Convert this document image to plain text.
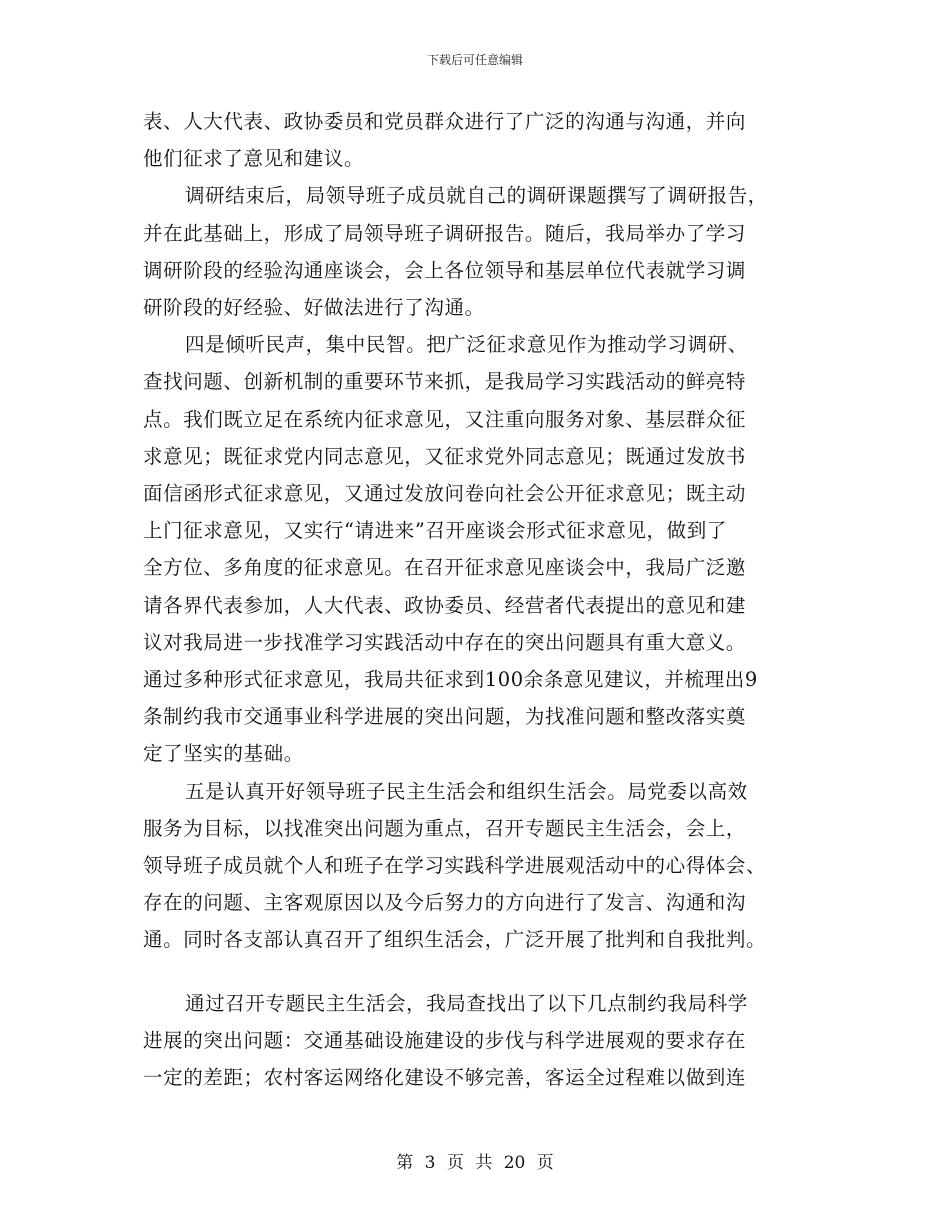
下载后可任意编辑

表、人大代表、政协委员和党员群众进行了广泛的沟通与沟通，并向
他们征求了意见和建议。

调研结束后，局领导班子成员就自己的调研课题撰写了调研报告，
并在此基础上，形成了局领导班子调研报告。随后，我局举办了学习
调研阶段的经验沟通座谈会，会上各位领导和基层单位代表就学习调
研阶段的好经验、好做法进行了沟通。

四是倾听民声，集中民智。把广泛征求意见作为推动学习调研、
查找问题、创新机制的重要环节来抓，是我局学习实践活动的鲜亮特
点。我们既立足在系统内征求意见，又注重向服务对象、基层群众征
求意见；既征求党内同志意见，又征求党外同志意见；既通过发放书
面信函形式征求意见，又通过发放问卷向社会公开征求意见；既主动
上门征求意见，又实行“请进来”召开座谈会形式征求意见，做到了
全方位、多角度的征求意见。在召开征求意见座谈会中，我局广泛邀
请各界代表参加，人大代表、政协委员、经营者代表提出的意见和建
议对我局进一步找准学习实践活动中存在的突出问题具有重大意义。
通过多种形式征求意见，我局共征求到100余条意见建议，并梳理出9
条制约我市交通事业科学进展的突出问题，为找准问题和整改落实奠
定了坚实的基础。

五是认真开好领导班子民主生活会和组织生活会。局党委以高效
服务为目标，以找准突出问题为重点，召开专题民主生活会，会上，
领导班子成员就个人和班子在学习实践科学进展观活动中的心得体会、
存在的问题、主客观原因以及今后努力的方向进行了发言、沟通和沟
通。同时各支部认真召开了组织生活会，广泛开展了批判和自我批判。

通过召开专题民主生活会，我局查找出了以下几点制约我局科学
进展的突出问题：交通基础设施建设的步伐与科学进展观的要求存在
一定的差距；农村客运网络化建设不够完善，客运全过程难以做到连

第 3 页 共 20 页
